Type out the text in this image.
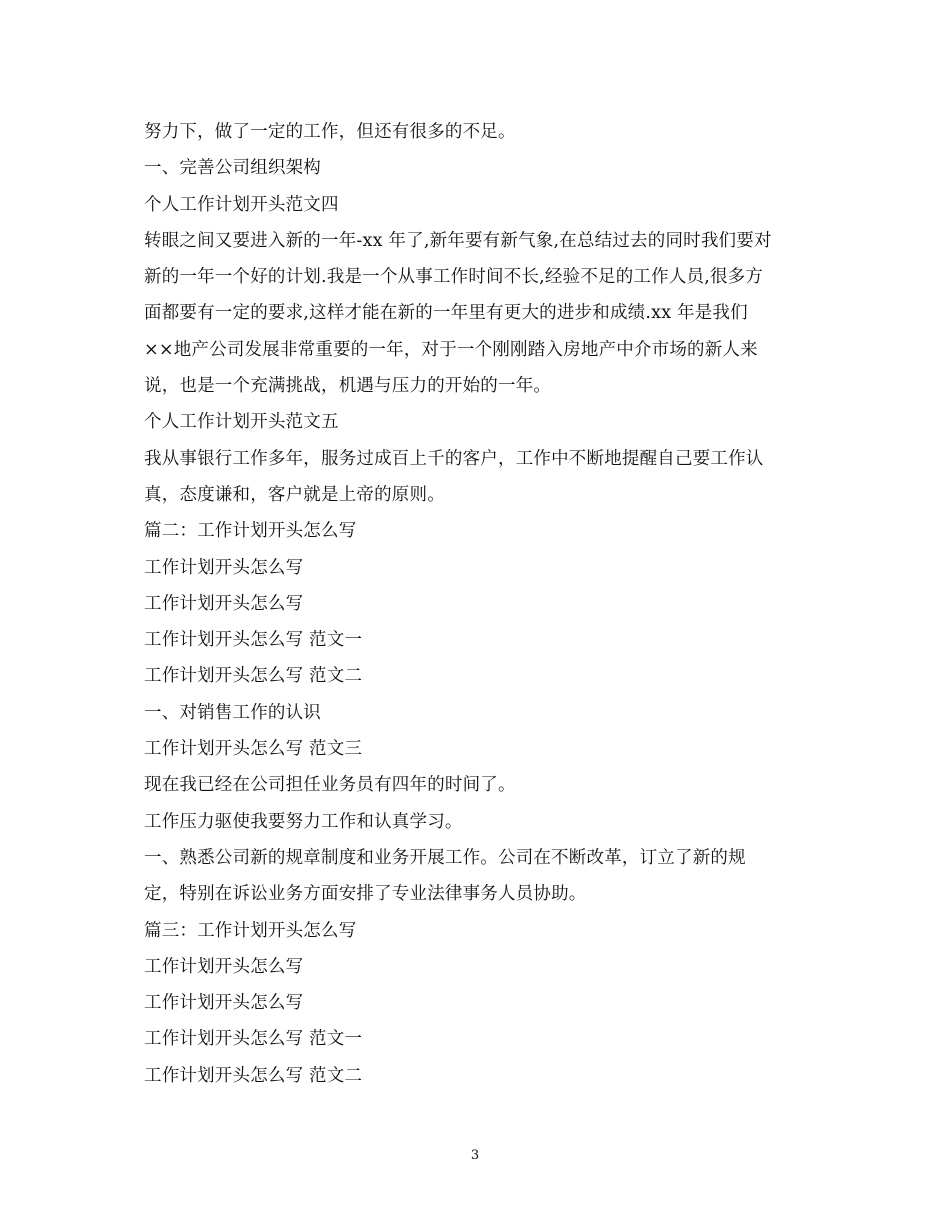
努力下，做了一定的工作，但还有很多的不足。
一、完善公司组织架构
个人工作计划开头范文四
转眼之间又要进入新的一年-xx 年了,新年要有新气象,在总结过去的同时我们要对
新的一年一个好的计划.我是一个从事工作时间不长,经验不足的工作人员,很多方
面都要有一定的要求,这样才能在新的一年里有更大的进步和成绩.xx 年是我们
××地产公司发展非常重要的一年，对于一个刚刚踏入房地产中介市场的新人来
说，也是一个充满挑战，机遇与压力的开始的一年。
个人工作计划开头范文五
我从事银行工作多年，服务过成百上千的客户，工作中不断地提醒自己要工作认
真，态度谦和，客户就是上帝的原则。
篇二：工作计划开头怎么写
工作计划开头怎么写
工作计划开头怎么写
工作计划开头怎么写 范文一
工作计划开头怎么写 范文二
一、对销售工作的认识
工作计划开头怎么写 范文三
现在我已经在公司担任业务员有四年的时间了。
工作压力驱使我要努力工作和认真学习。
一、熟悉公司新的规章制度和业务开展工作。公司在不断改革，订立了新的规
定，特别在诉讼业务方面安排了专业法律事务人员协助。
篇三：工作计划开头怎么写
工作计划开头怎么写
工作计划开头怎么写
工作计划开头怎么写 范文一
工作计划开头怎么写 范文二
3
